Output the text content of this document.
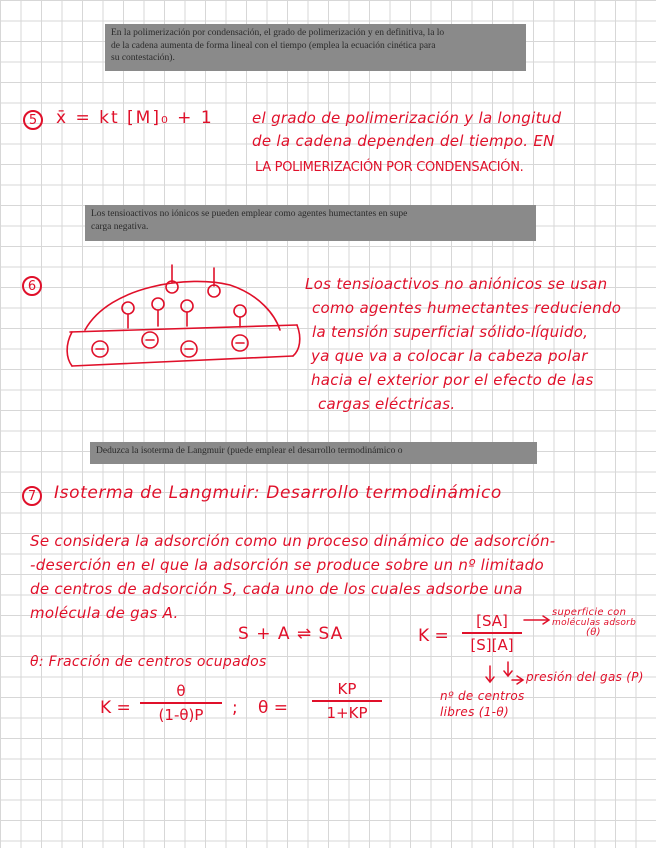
En la polimerización por condensación, el grado de polimerización y en definitiva, la lo
de la cadena aumenta de forma lineal con el tiempo (emplea la ecuación cinética para
su contestación).
5	x̄ = kt [M]₀ + 1	el grado de polimerización y la longitud
de la cadena dependen del tiempo. EN
LA POLIMERIZACIÓN POR CONDENSACIÓN.
Los tensioactivos no iónicos se pueden emplear como agentes humectantes en supe
carga negativa.
6	Los tensioactivos no aniónicos se usan
como agentes humectantes reduciendo
la tensión superficial sólido-líquido,
ya que va a colocar la cabeza polar
hacia el exterior por el efecto de las
cargas eléctricas.
Deduzca la isoterma de Langmuir (puede emplear el desarrollo termodinámico o
7	Isoterma de Langmuir: Desarrollo termodinámico
Se considera la adsorción como un proceso dinámico de adsorción-
-deserción en el que la adsorción se produce sobre un nº limitado
de centros de adsorción S, cada uno de los cuales adsorbe una
molécula de gas A.
S + A ⇌ SA	K =
[SA]
[S][A]
superficie con
moléculas adsorb
(θ)
presión del gas (P)
nº de centros
libres (1-θ)
θ: Fracción de centros ocupados
K =
θ
(1-θ)P	; θ =
KP
1+KP
